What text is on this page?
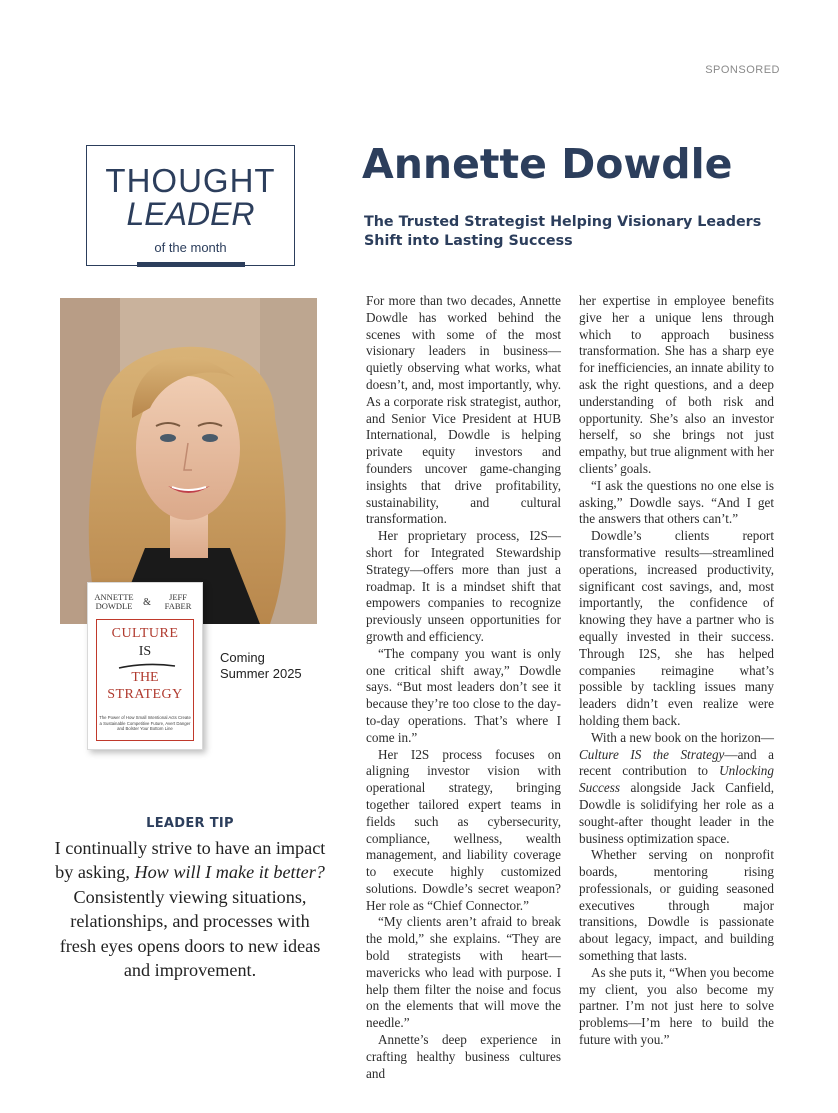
SPONSORED
THOUGHT
LEADER
of the month
Annette Dowdle
The Trusted Strategist Helping Visionary Leaders Shift into Lasting Success
ANNETTE DOWDLE &	JEFF FABER
CULTURE
IS
THE
STRATEGY
The Power of How Small Intentional Acts Create a Sustainable Competitive Future, Avert Danger and Bolster Your Bottom Line
Coming
Summer 2025
LEADER TIP
I continually strive to have an impact by asking, How will I make it better? Consistently viewing situations, relationships, and processes with fresh eyes opens doors to new ideas and improvement.

For more than two decades, Annette Dowdle has worked behind the scenes with some of the most visionary leaders in business—quietly observing what works, what doesn’t, and, most importantly, why. As a corporate risk strategist, author, and Senior Vice President at HUB International, Dowdle is helping private equity investors and founders uncover game-changing insights that drive profitability, sustainability, and cultural transformation.

Her proprietary process, I2S—short for Integrated Stewardship Strategy—offers more than just a roadmap. It is a mindset shift that empowers companies to recognize previously unseen opportunities for growth and efficiency.

“The company you want is only one critical shift away,” Dowdle says. “But most leaders don’t see it because they’re too close to the day-to-day operations. That’s where I come in.”

Her I2S process focuses on aligning investor vision with operational strategy, bringing together tailored expert teams in fields such as cybersecurity, compliance, wellness, wealth management, and liability coverage to execute highly customized solutions. Dowdle’s secret weapon? Her role as “Chief Connector.”

“My clients aren’t afraid to break the mold,” she explains. “They are bold strategists with heart—mavericks who lead with purpose. I help them filter the noise and focus on the elements that will move the needle.”

Annette’s deep experience in crafting healthy business cultures and

her expertise in employee benefits give her a unique lens through which to approach business transformation. She has a sharp eye for inefficiencies, an innate ability to ask the right questions, and a deep understanding of both risk and opportunity. She’s also an investor herself, so she brings not just empathy, but true alignment with her clients’ goals.

“I ask the questions no one else is asking,” Dowdle says. “And I get the answers that others can’t.”

Dowdle’s clients report transformative results—streamlined operations, increased productivity, significant cost savings, and, most importantly, the confidence of knowing they have a partner who is equally invested in their success. Through I2S, she has helped companies reimagine what’s possible by tackling issues many leaders didn’t even realize were holding them back.

With a new book on the horizon—Culture IS the Strategy—and a recent contribution to Unlocking Success alongside Jack Canfield, Dowdle is solidifying her role as a sought-after thought leader in the business optimization space.

Whether serving on nonprofit boards, mentoring rising professionals, or guiding seasoned executives through major transitions, Dowdle is passionate about legacy, impact, and building something that lasts.

As she puts it, “When you become my client, you also become my partner. I’m not just here to solve problems—I’m here to build the future with you.”
